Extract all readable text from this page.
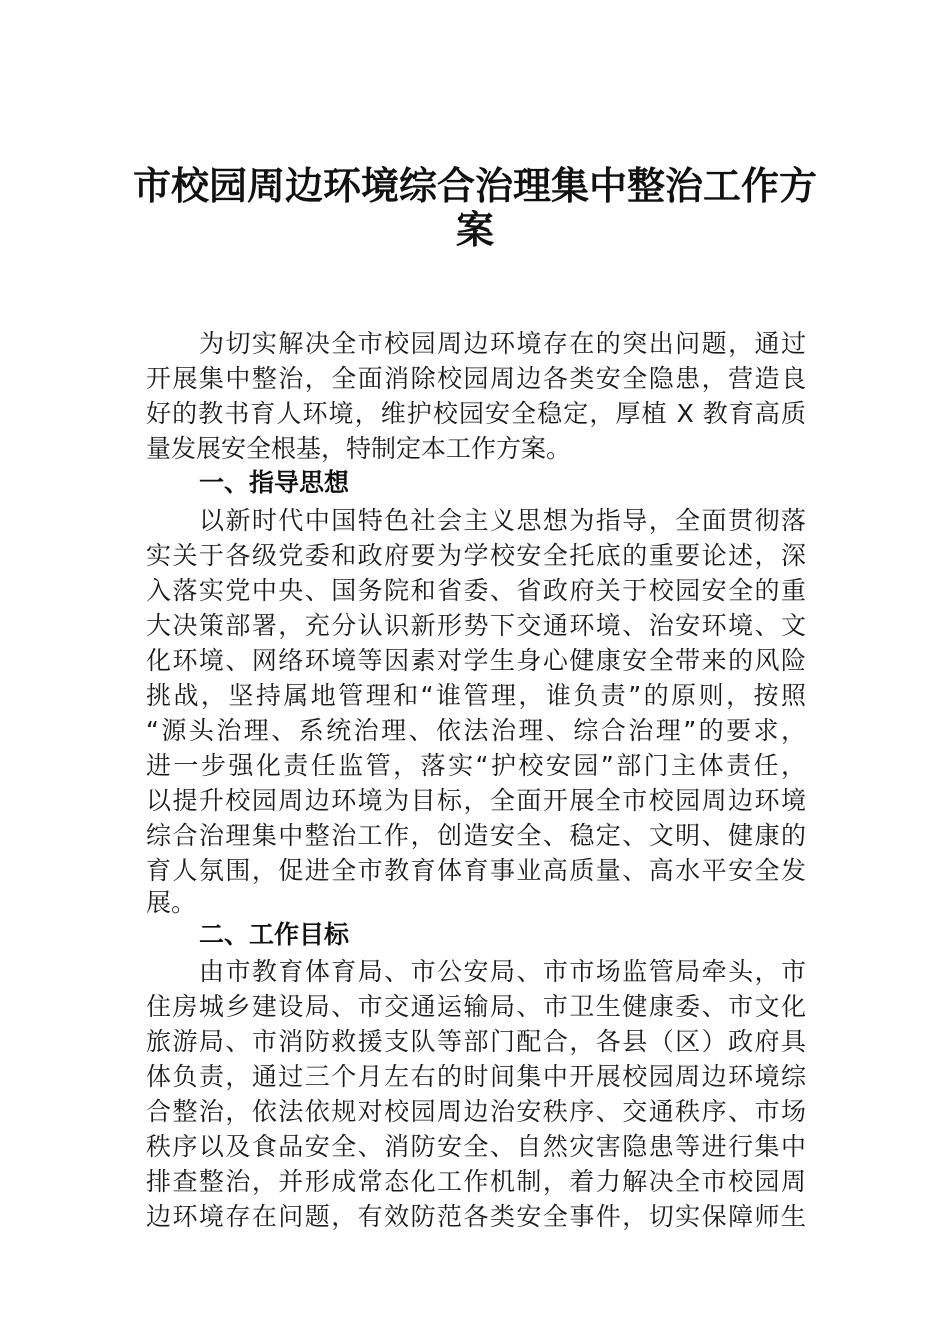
市校园周边环境综合治理集中整治工作方
案
为切实解决全市校园周边环境存在的突出问题，通过
开展集中整治，全面消除校园周边各类安全隐患，营造良
好的教书育人环境，维护校园安全稳定，厚植 X 教育高质
量发展安全根基，特制定本工作方案。
一、指导思想
以新时代中国特色社会主义思想为指导，全面贯彻落
实关于各级党委和政府要为学校安全托底的重要论述，深
入落实党中央、国务院和省委、省政府关于校园安全的重
大决策部署，充分认识新形势下交通环境、治安环境、文
化环境、网络环境等因素对学生身心健康安全带来的风险
挑战，坚持属地管理和“谁管理，谁负责”的原则，按照
“源头治理、系统治理、依法治理、综合治理”的要求，
进一步强化责任监管，落实“护校安园”部门主体责任，
以提升校园周边环境为目标，全面开展全市校园周边环境
综合治理集中整治工作，创造安全、稳定、文明、健康的
育人氛围，促进全市教育体育事业高质量、高水平安全发
展。
二、工作目标
由市教育体育局、市公安局、市市场监管局牵头，市
住房城乡建设局、市交通运输局、市卫生健康委、市文化
旅游局、市消防救援支队等部门配合，各县（区）政府具
体负责，通过三个月左右的时间集中开展校园周边环境综
合整治，依法依规对校园周边治安秩序、交通秩序、市场
秩序以及食品安全、消防安全、自然灾害隐患等进行集中
排查整治，并形成常态化工作机制，着力解决全市校园周
边环境存在问题，有效防范各类安全事件，切实保障师生
